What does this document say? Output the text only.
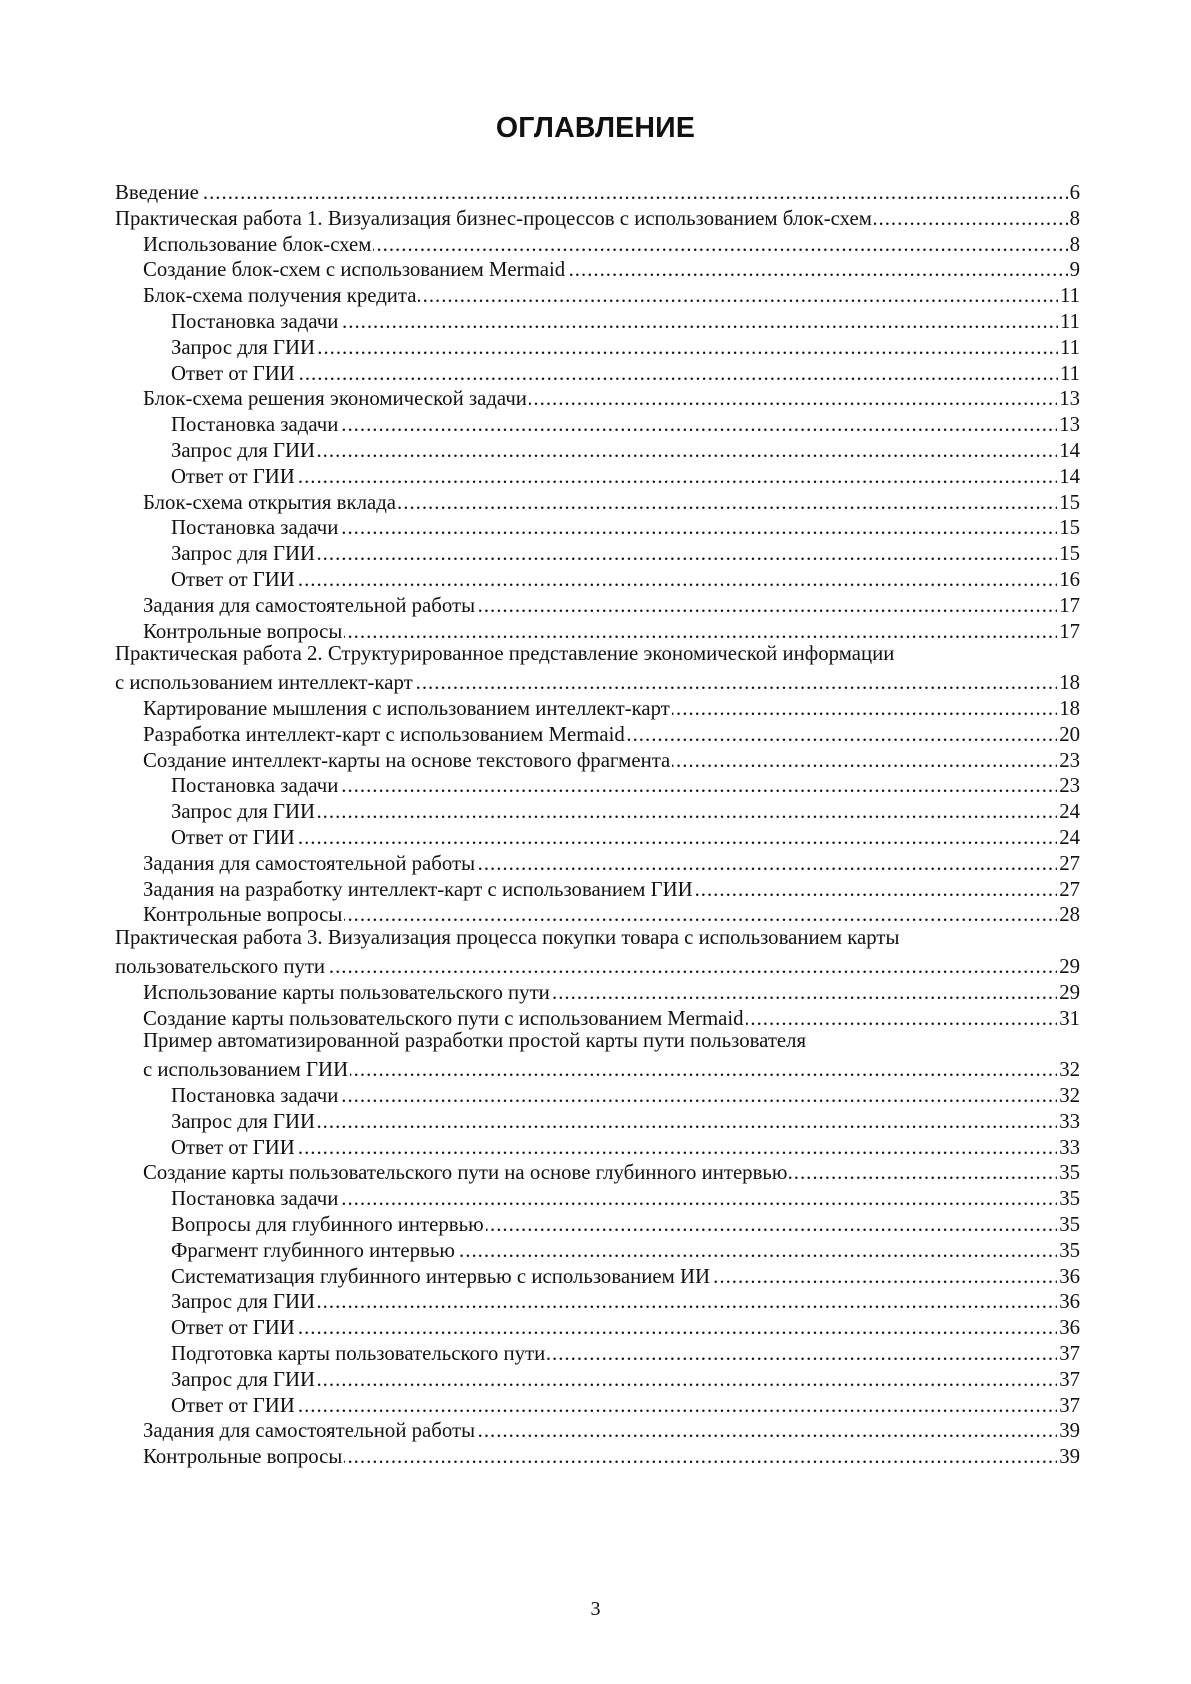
ОГЛАВЛЕНИЕ
Введение . . .	6
Практическая работа 1. Визуализация бизнес-процессов с использованием блок-схем . . .	8
Использование блок-схем . . .	8
Создание блок-схем с использованием Mermaid . . .	9
Блок-схема получения кредита . . .	11
Постановка задачи . . .	11
Запрос для ГИИ . . .	11
Ответ от ГИИ . . .	11
Блок-схема решения экономической задачи . . .	13
Постановка задачи . . .	13
Запрос для ГИИ . . .	14
Ответ от ГИИ . . .	14
Блок-схема открытия вклада . . .	15
Постановка задачи . . .	15
Запрос для ГИИ . . .	15
Ответ от ГИИ . . .	16
Задания для самостоятельной работы . . .	17
Контрольные вопросы . . .	17
Практическая работа 2. Структурированное представление экономической информации
с использованием интеллект-карт . . .	18
Картирование мышления с использованием интеллект-карт . . .	18
Разработка интеллект-карт с использованием Mermaid . . .	20
Создание интеллект-карты на основе текстового фрагмента . . .	23
Постановка задачи . . .	23
Запрос для ГИИ . . .	24
Ответ от ГИИ . . .	24
Задания для самостоятельной работы . . .	27
Задания на разработку интеллект-карт с использованием ГИИ . . .	27
Контрольные вопросы . . .	28
Практическая работа 3. Визуализация процесса покупки товара с использованием карты
пользовательского пути . . .	29
Использование карты пользовательского пути . . .	29
Создание карты пользовательского пути с использованием Mermaid . . .	31
Пример автоматизированной разработки простой карты пути пользователя
с использованием ГИИ . . .	32
Постановка задачи . . .	32
Запрос для ГИИ . . .	33
Ответ от ГИИ . . .	33
Создание карты пользовательского пути на основе глубинного интервью . . .	35
Постановка задачи . . .	35
Вопросы для глубинного интервью . . .	35
Фрагмент глубинного интервью . . .	35
Систематизация глубинного интервью с использованием ИИ . . .	36
Запрос для ГИИ . . .	36
Ответ от ГИИ . . .	36
Подготовка карты пользовательского пути . . .	37
Запрос для ГИИ . . .	37
Ответ от ГИИ . . .	37
Задания для самостоятельной работы . . .	39
Контрольные вопросы . . .	39
3
